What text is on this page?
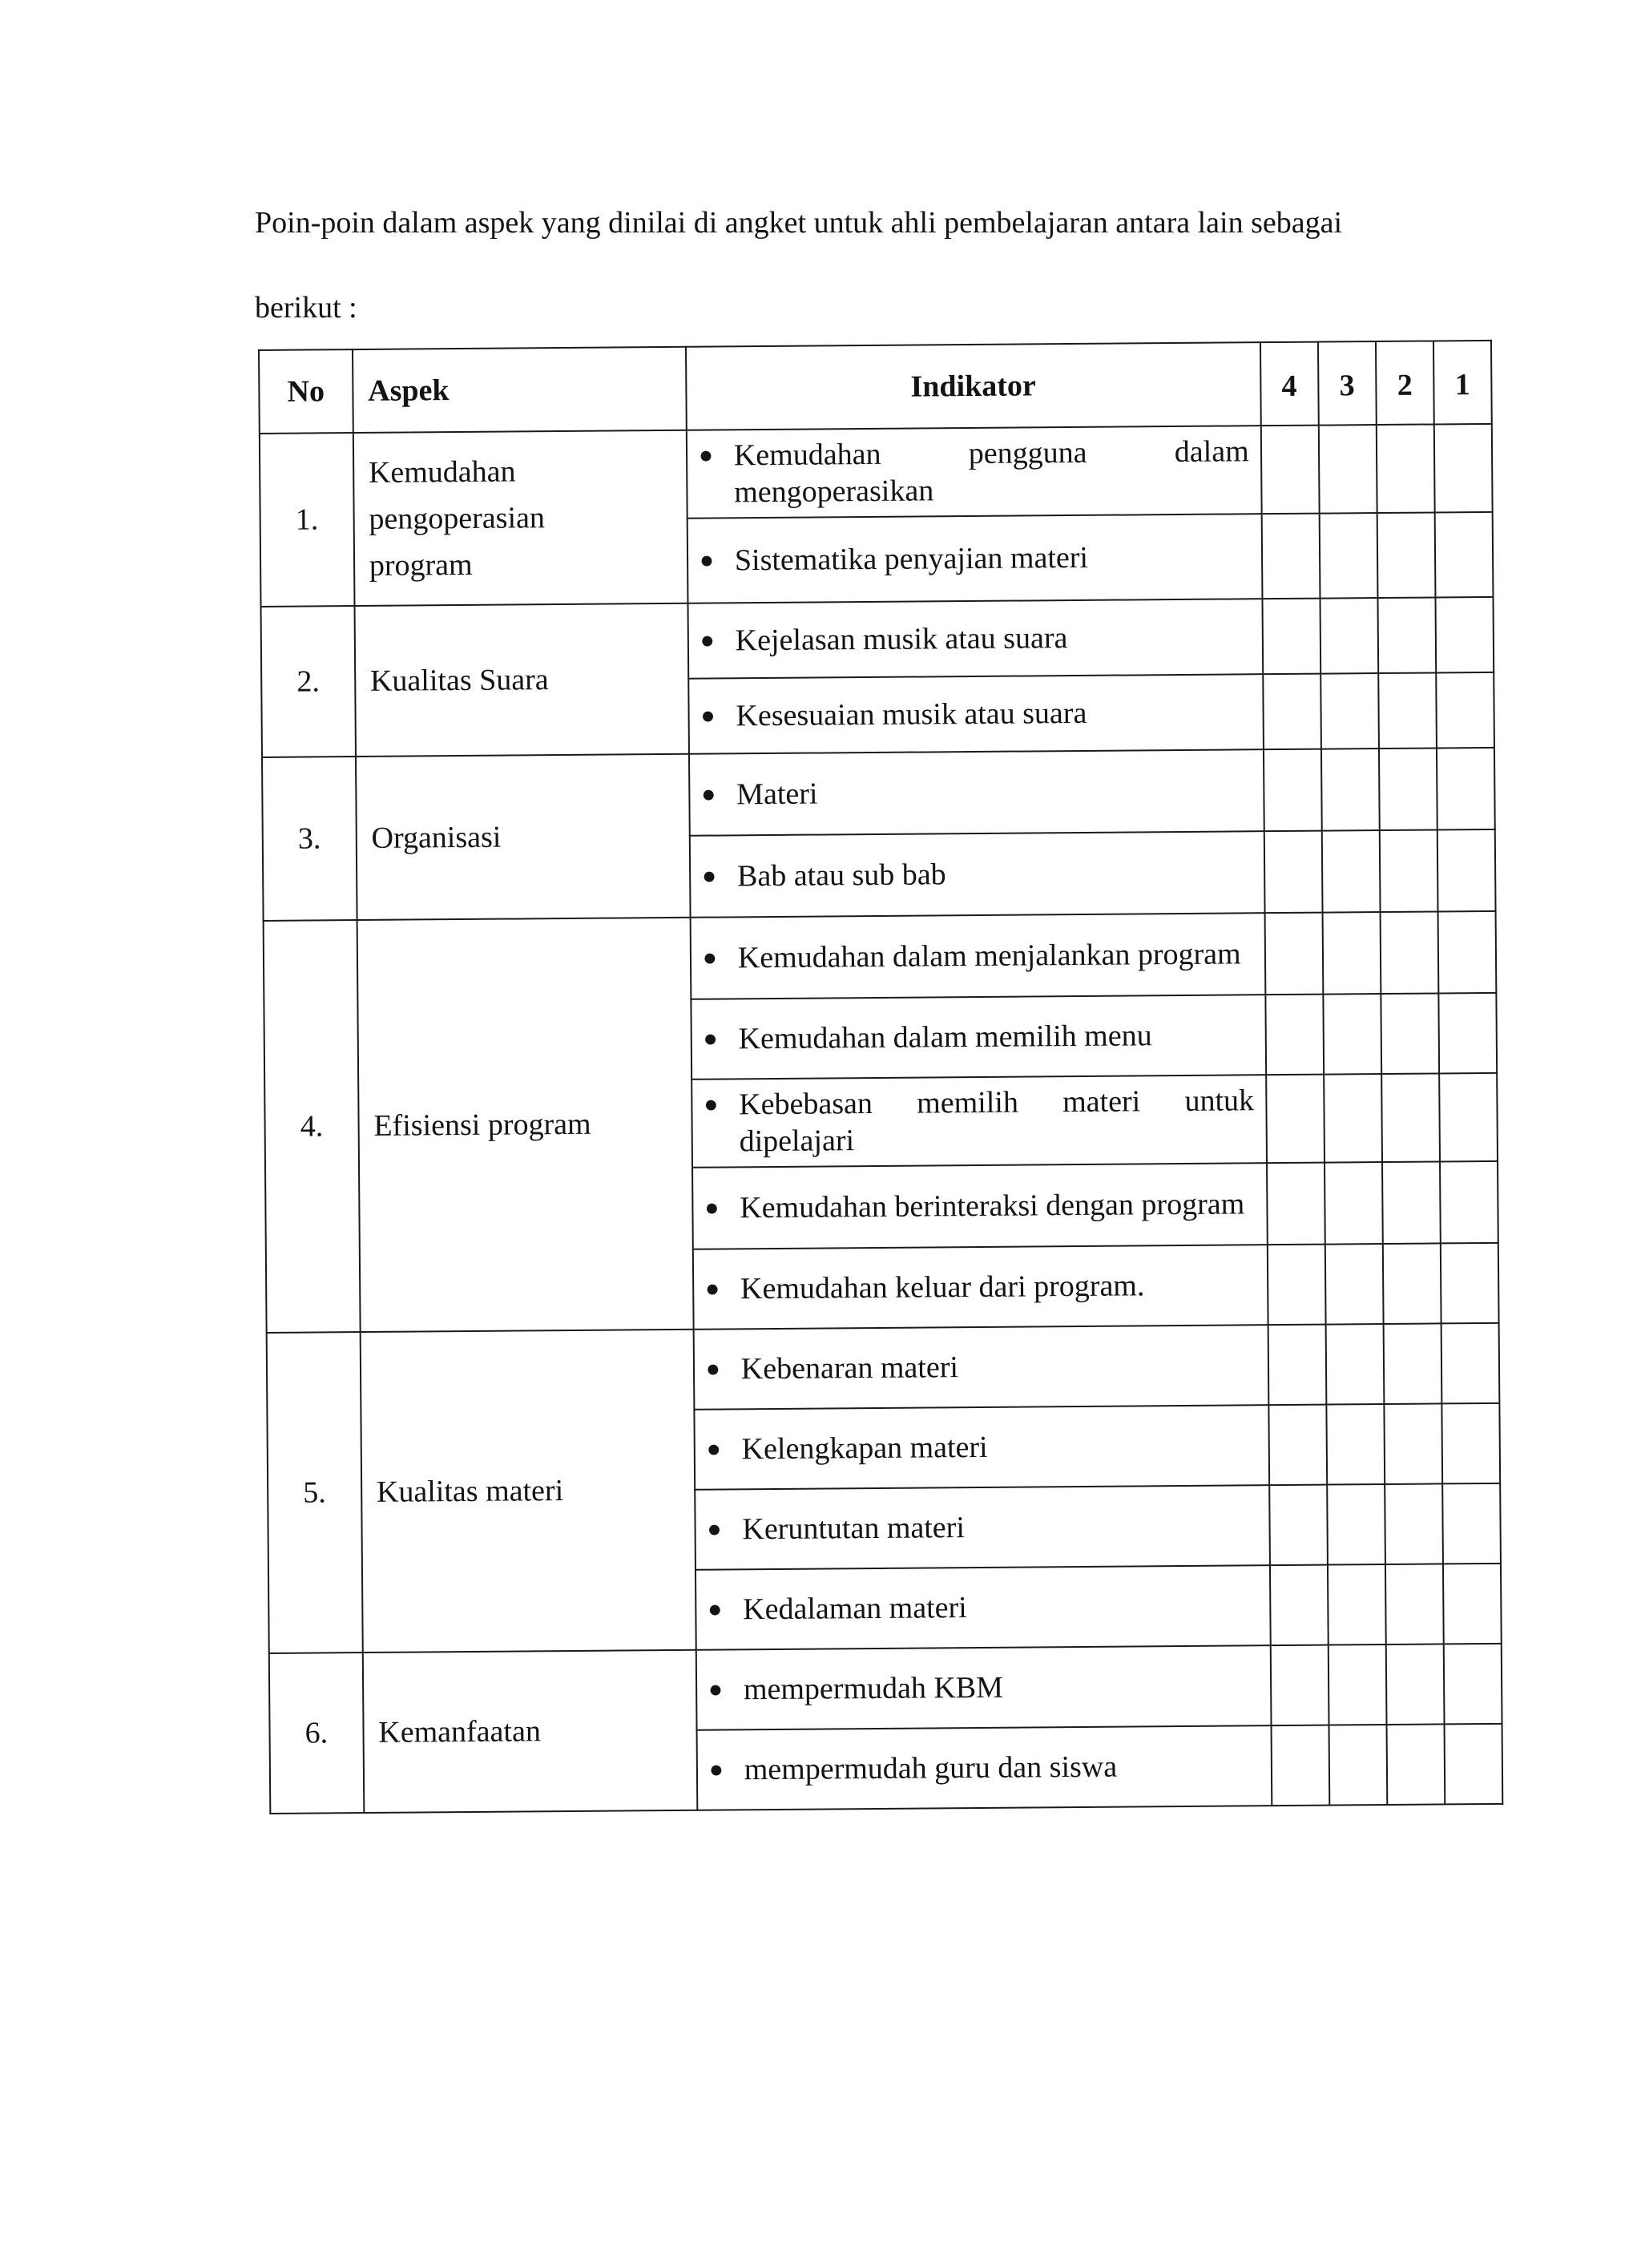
Poin-poin dalam aspek yang dinilai di angket untuk ahli pembelajaran antara lain sebagai
berikut :
No	Aspek	Indikator	4	3	2	1
1.	Kemudahan pengoperasian program	● Kemudahan pengguna dalam mengoperasikan				

		● Sistematika penyajian materi				

2.	Kualitas Suara	● Kejelasan musik atau suara				

		● Kesesuaian musik atau suara				

3.	Organisasi	● Materi				

		● Bab atau sub bab				

4.	Efisiensi program	● Kemudahan dalam menjalankan program				

		● Kemudahan dalam memilih menu				

		● Kebebasan memilih materi untuk dipelajari				

		● Kemudahan berinteraksi dengan program				

		● Kemudahan keluar dari program.				

5.	Kualitas materi	● Kebenaran materi				

		● Kelengkapan materi				

		● Keruntutan materi				

		● Kedalaman materi				

6.	Kemanfaatan	● mempermudah KBM				

		● mempermudah guru dan siswa				
